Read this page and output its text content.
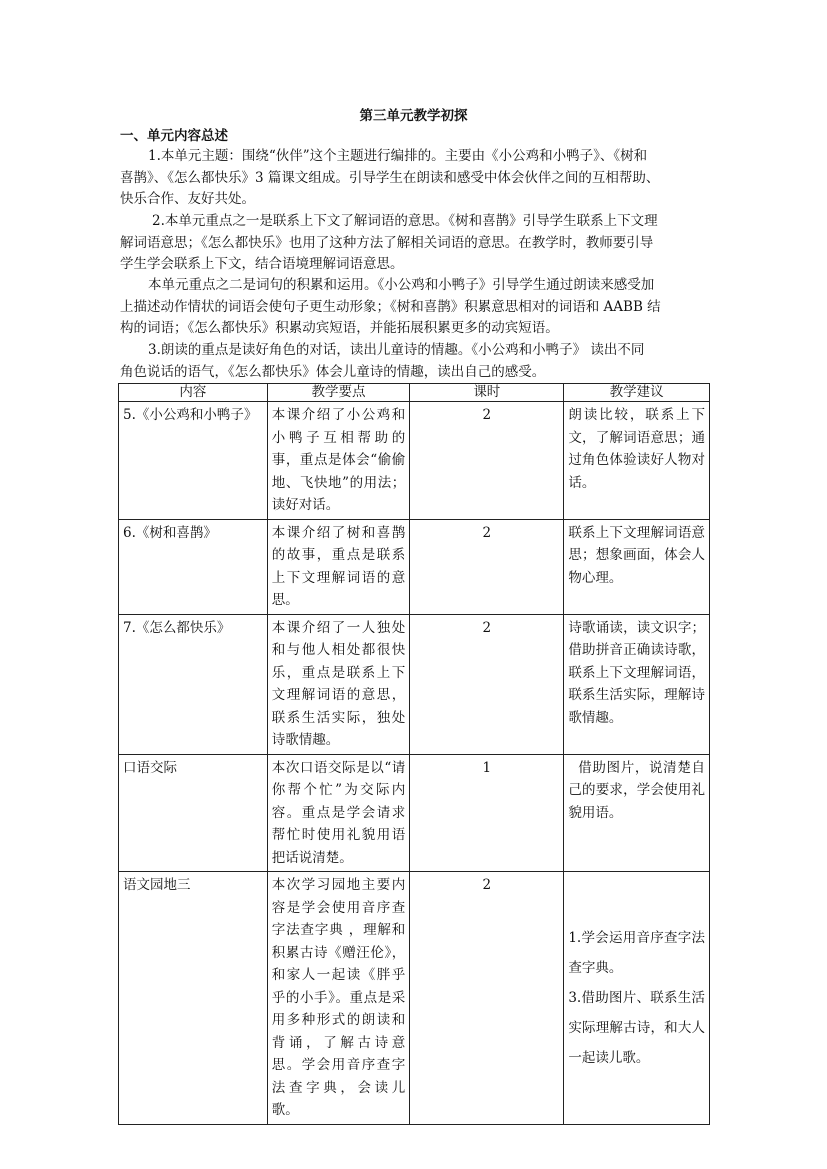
第三单元教学初探
一、单元内容总述
1.本单元主题：围绕“伙伴”这个主题进行编排的。主要由《小公鸡和小鸭子》、《树和
喜鹊》、《怎么都快乐》3 篇课文组成。引导学生在朗读和感受中体会伙伴之间的互相帮助、
快乐合作、友好共处。
2.本单元重点之一是联系上下文了解词语的意思。《树和喜鹊》引导学生联系上下文理
解词语意思；《怎么都快乐》也用了这种方法了解相关词语的意思。在教学时，教师要引导
学生学会联系上下文，结合语境理解词语意思。
本单元重点之二是词句的积累和运用。《小公鸡和小鸭子》引导学生通过朗读来感受加
上描述动作情状的词语会使句子更生动形象；《树和喜鹊》积累意思相对的词语和 AABB 结
构的词语；《怎么都快乐》积累动宾短语，并能拓展积累更多的动宾短语。
3.朗读的重点是读好角色的对话，读出儿童诗的情趣。《小公鸡和小鸭子》 读出不同
角色说话的语气，《怎么都快乐》体会儿童诗的情趣，读出自己的感受。
内容	教学要点	课时	教学建议
5.《小公鸡和小鸭子》	本课介绍了小公鸡和小鸭子互相帮助的事，重点是体会“偷偷地、飞快地”的用法；读好对话。	2	朗读比较，联系上下文，了解词语意思；通过角色体验读好人物对话。
6.《树和喜鹊》	本课介绍了树和喜鹊的故事，重点是联系上下文理解词语的意思。	2	联系上下文理解词语意思；想象画面，体会人物心理。
7.《怎么都快乐》	本课介绍了一人独处和与他人相处都很快乐，重点是联系上下文理解词语的意思，联系生活实际，独处诗歌情趣。	2	诗歌诵读，读文识字；借助拼音正确读诗歌，联系上下文理解词语，联系生活实际，理解诗歌情趣。
口语交际	本次口语交际是以“请你帮个忙”为交际内容。重点是学会请求帮忙时使用礼貌用语把话说清楚。	1	借助图片，说清楚自己的要求，学会使用礼貌用语。
语文园地三	本次学习园地主要内容是学会使用音序查字法查字典 ，理解和积累古诗《赠汪伦》，和家人一起读《胖乎乎的小手》。重点是采用多种形式的朗读和背诵，了解古诗意思。学会用音序查字法查字典，会读儿歌。	2	1.学会运用音序查字法查字典。
3.借助图片、联系生活实际理解古诗，和大人一起读儿歌。
